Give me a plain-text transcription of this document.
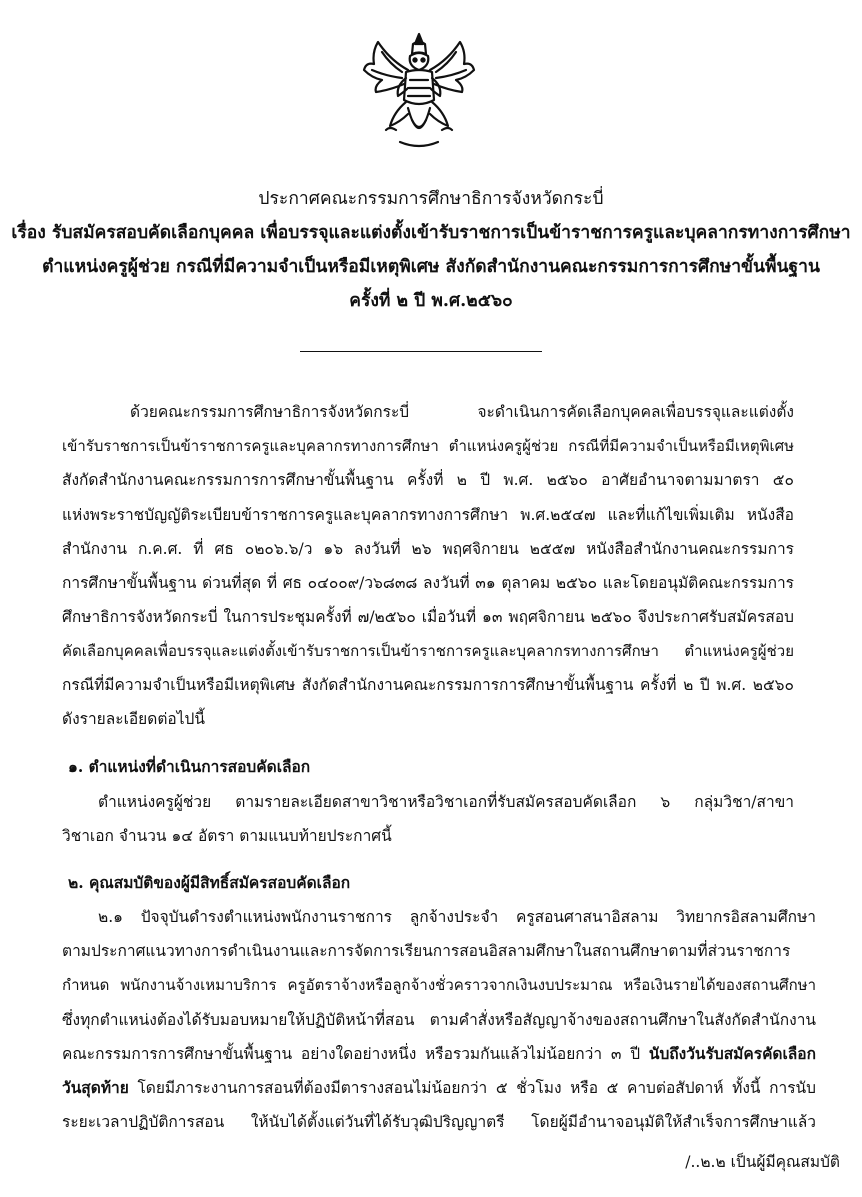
ประกาศคณะกรรมการศึกษาธิการจังหวัดกระบี่
เรื่อง รับสมัครสอบคัดเลือกบุคคล เพื่อบรรจุและแต่งตั้งเข้ารับราชการเป็นข้าราชการครูและบุคลากรทางการศึกษา
ตำแหน่งครูผู้ช่วย กรณีที่มีความจำเป็นหรือมีเหตุพิเศษ สังกัดสำนักงานคณะกรรมการการศึกษาขั้นพื้นฐาน
ครั้งที่ ๒ ปี พ.ศ.๒๕๖๐
ด้วยคณะกรรมการศึกษาธิการจังหวัดกระบี่ จะดำเนินการคัดเลือกบุคคลเพื่อบรรจุและแต่งตั้ง
เข้ารับราชการเป็นข้าราชการครูและบุคลากรทางการศึกษา ตำแหน่งครูผู้ช่วย กรณีที่มีความจำเป็นหรือมีเหตุพิเศษ
สังกัดสำนักงานคณะกรรมการการศึกษาขั้นพื้นฐาน ครั้งที่ ๒ ปี พ.ศ. ๒๕๖๐ อาศัยอำนาจตามมาตรา ๕๐
แห่งพระราชบัญญัติระเบียบข้าราชการครูและบุคลากรทางการศึกษา พ.ศ.๒๕๔๗ และที่แก้ไขเพิ่มเติม หนังสือ
สำนักงาน ก.ค.ศ. ที่ ศธ ๐๒๐๖.๖/ว ๑๖ ลงวันที่ ๒๖ พฤศจิกายน ๒๕๕๗ หนังสือสำนักงานคณะกรรมการ
การศึกษาขั้นพื้นฐาน ด่วนที่สุด ที่ ศธ ๐๔๐๐๙/ว๖๘๓๘ ลงวันที่ ๓๑ ตุลาคม ๒๕๖๐ และโดยอนุมัติคณะกรรมการ
ศึกษาธิการจังหวัดกระบี่ ในการประชุมครั้งที่ ๗/๒๕๖๐ เมื่อวันที่ ๑๓ พฤศจิกายน ๒๕๖๐ จึงประกาศรับสมัครสอบ
คัดเลือกบุคคลเพื่อบรรจุและแต่งตั้งเข้ารับราชการเป็นข้าราชการครูและบุคลากรทางการศึกษา ตำแหน่งครูผู้ช่วย
กรณีที่มีความจำเป็นหรือมีเหตุพิเศษ สังกัดสำนักงานคณะกรรมการการศึกษาขั้นพื้นฐาน ครั้งที่ ๒ ปี พ.ศ. ๒๕๖๐
ดังรายละเอียดต่อไปนี้
๑. ตำแหน่งที่ดำเนินการสอบคัดเลือก
ตำแหน่งครูผู้ช่วย ตามรายละเอียดสาขาวิชาหรือวิชาเอกที่รับสมัครสอบคัดเลือก ๖ กลุ่มวิชา/สาขา
วิชาเอก จำนวน ๑๔ อัตรา ตามแนบท้ายประกาศนี้
๒. คุณสมบัติของผู้มีสิทธิ์สมัครสอบคัดเลือก
๒.๑ ปัจจุบันดำรงตำแหน่งพนักงานราชการ ลูกจ้างประจำ ครูสอนศาสนาอิสลาม วิทยากรอิสลามศึกษา
ตามประกาศแนวทางการดำเนินงานและการจัดการเรียนการสอนอิสลามศึกษาในสถานศึกษาตามที่ส่วนราชการ
กำหนด พนักงานจ้างเหมาบริการ ครูอัตราจ้างหรือลูกจ้างชั่วคราวจากเงินงบประมาณ หรือเงินรายได้ของสถานศึกษา
ซึ่งทุกตำแหน่งต้องได้รับมอบหมายให้ปฏิบัติหน้าที่สอน ตามคำสั่งหรือสัญญาจ้างของสถานศึกษาในสังกัดสำนักงาน
คณะกรรมการการศึกษาขั้นพื้นฐาน อย่างใดอย่างหนึ่ง หรือรวมกันแล้วไม่น้อยกว่า ๓ ปี นับถึงวันรับสมัครคัดเลือก
วันสุดท้าย โดยมีภาระงานการสอนที่ต้องมีตารางสอนไม่น้อยกว่า ๕ ชั่วโมง หรือ ๕ คาบต่อสัปดาห์ ทั้งนี้ การนับ
ระยะเวลาปฏิบัติการสอน ให้นับได้ตั้งแต่วันที่ได้รับวุฒิปริญญาตรี โดยผู้มีอำนาจอนุมัติให้สำเร็จการศึกษาแล้ว
/..๒.๒ เป็นผู้มีคุณสมบัติ
